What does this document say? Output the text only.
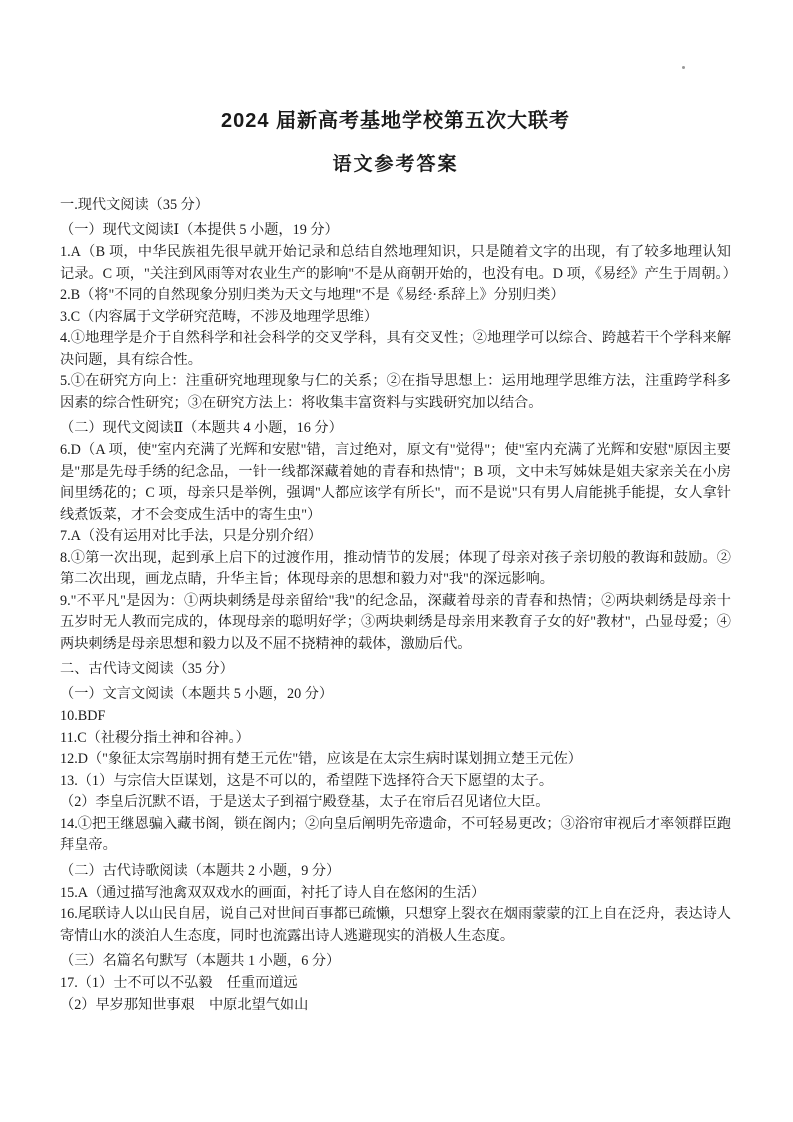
2024 届新高考基地学校第五次大联考
语文参考答案

一.现代文阅读（35 分）

（一）现代文阅读Ⅰ（本提供 5 小题，19 分）

1.A（B 项，中华民族祖先很早就开始记录和总结自然地理知识，只是随着文字的出现，有了较多地理认知记录。C 项，"关注到风雨等对农业生产的影响"不是从商朝开始的，也没有电。D 项，《易经》产生于周朝。）

2.B（将"不同的自然现象分别归类为天文与地理"不是《易经·系辞上》分别归类）

3.C（内容属于文学研究范畴，不涉及地理学思维）

4.①地理学是介于自然科学和社会科学的交叉学科，具有交叉性；②地理学可以综合、跨越若干个学科来解决问题，具有综合性。

5.①在研究方向上：注重研究地理现象与仁的关系；②在指导思想上：运用地理学思维方法，注重跨学科多因素的综合性研究；③在研究方法上：将收集丰富资料与实践研究加以结合。

（二）现代文阅读Ⅱ（本题共 4 小题，16 分）

6.D（A 项，使"室内充满了光辉和安慰"错，言过绝对，原文有"觉得"；使"室内充满了光辉和安慰"原因主要是"那是先母手绣的纪念品，一针一线都深藏着她的青春和热情"；B 项，文中未写姊妹是姐夫家亲关在小房间里绣花的；C 项，母亲只是举例，强调"人都应该学有所长"，而不是说"只有男人肩能挑手能提，女人拿针线煮饭菜，才不会变成生活中的寄生虫"）

7.A（没有运用对比手法，只是分别介绍）

8.①第一次出现，起到承上启下的过渡作用，推动情节的发展；体现了母亲对孩子亲切般的教诲和鼓励。②第二次出现，画龙点睛，升华主旨；体现母亲的思想和毅力对"我"的深远影响。

9."不平凡"是因为：①两块刺绣是母亲留给"我"的纪念品，深藏着母亲的青春和热情；②两块刺绣是母亲十五岁时无人教而完成的，体现母亲的聪明好学；③两块刺绣是母亲用来教育子女的好"教材"，凸显母爱；④两块刺绣是母亲思想和毅力以及不屈不挠精神的载体，激励后代。

二、古代诗文阅读（35 分）

（一）文言文阅读（本题共 5 小题，20 分）

10.BDF

11.C（社稷分指土神和谷神。）

12.D（"象征太宗驾崩时拥有楚王元佐"错，应该是在太宗生病时谋划拥立楚王元佐）

13.（1）与宗信大臣谋划，这是不可以的，希望陛下选择符合天下愿望的太子。

（2）李皇后沉默不语，于是送太子到福宁殿登基，太子在帘后召见诸位大臣。

14.①把王继恩骗入藏书阁，锁在阁内；②向皇后阐明先帝遗命，不可轻易更改；③浴帘审视后才率领群臣跑拜皇帝。

（二）古代诗歌阅读（本题共 2 小题，9 分）

15.A（通过描写池禽双双戏水的画面，衬托了诗人自在悠闲的生活）

16.尾联诗人以山民自居，说自己对世间百事都已疏懒，只想穿上裂衣在烟雨蒙蒙的江上自在泛舟，表达诗人寄情山水的淡泊人生态度，同时也流露出诗人逃避现实的消极人生态度。

（三）名篇名句默写（本题共 1 小题，6 分）

17.（1）士不可以不弘毅　任重而道远

（2）早岁那知世事艰　中原北望气如山
